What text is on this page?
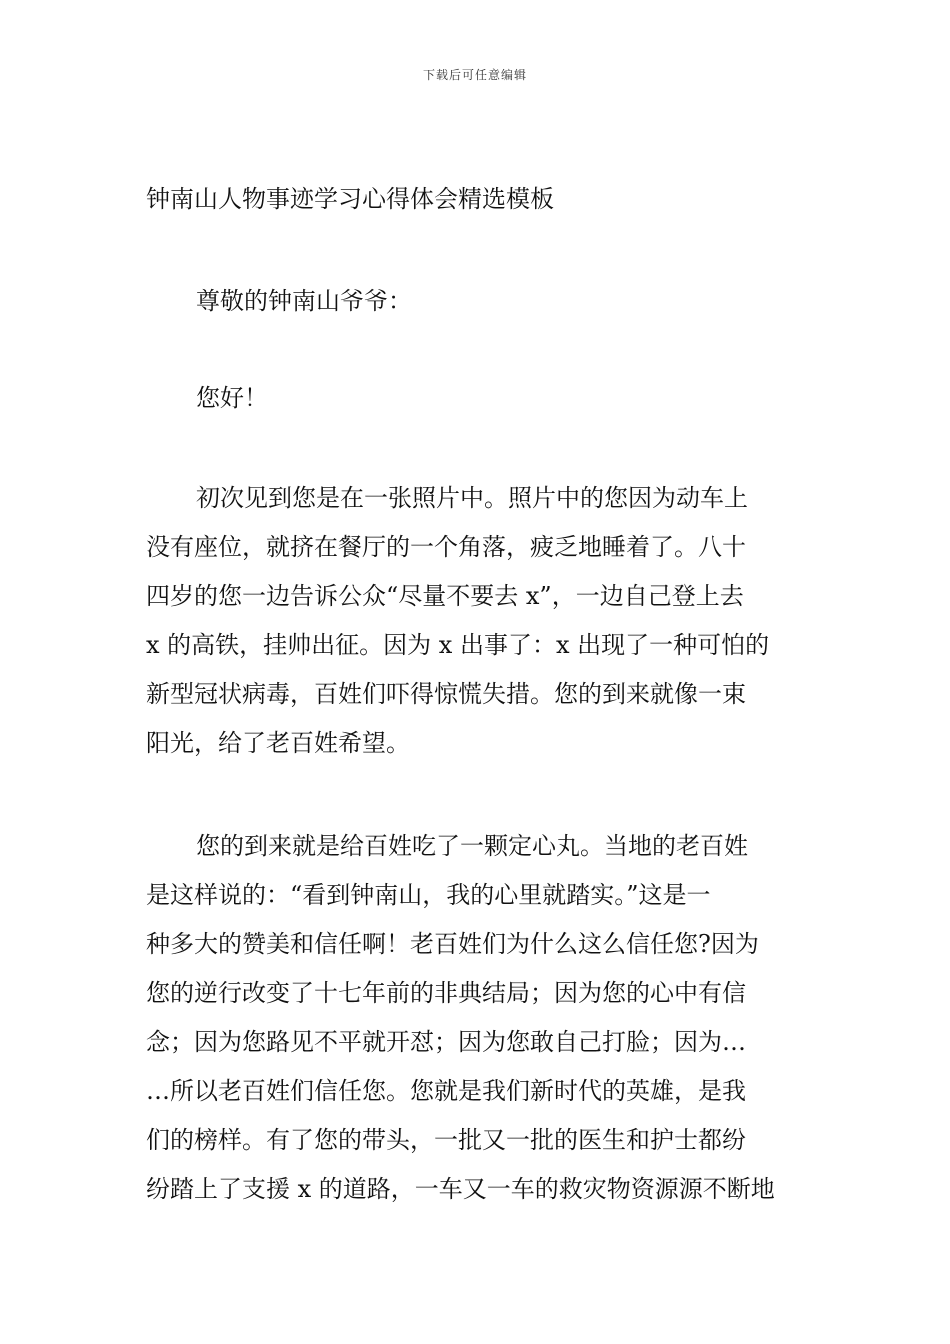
下载后可任意编辑
钟南山人物事迹学习心得体会精选模板
尊敬的钟南山爷爷：
您好！
初次见到您是在一张照片中。照片中的您因为动车上
没有座位，就挤在餐厅的一个角落，疲乏地睡着了。八十
四岁的您一边告诉公众“尽量不要去 x”，一边自己登上去
x 的高铁，挂帅出征。因为 x 出事了：x 出现了一种可怕的
新型冠状病毒，百姓们吓得惊慌失措。您的到来就像一束
阳光，给了老百姓希望。
您的到来就是给百姓吃了一颗定心丸。当地的老百姓
是这样说的：“看到钟南山，我的心里就踏实。”这是一
种多大的赞美和信任啊！老百姓们为什么这么信任您?因为
您的逆行改变了十七年前的非典结局；因为您的心中有信
念；因为您路见不平就开怼；因为您敢自己打脸；因为…
…所以老百姓们信任您。您就是我们新时代的英雄，是我
们的榜样。有了您的带头，一批又一批的医生和护士都纷
纷踏上了支援 x 的道路，一车又一车的救灾物资源源不断地
